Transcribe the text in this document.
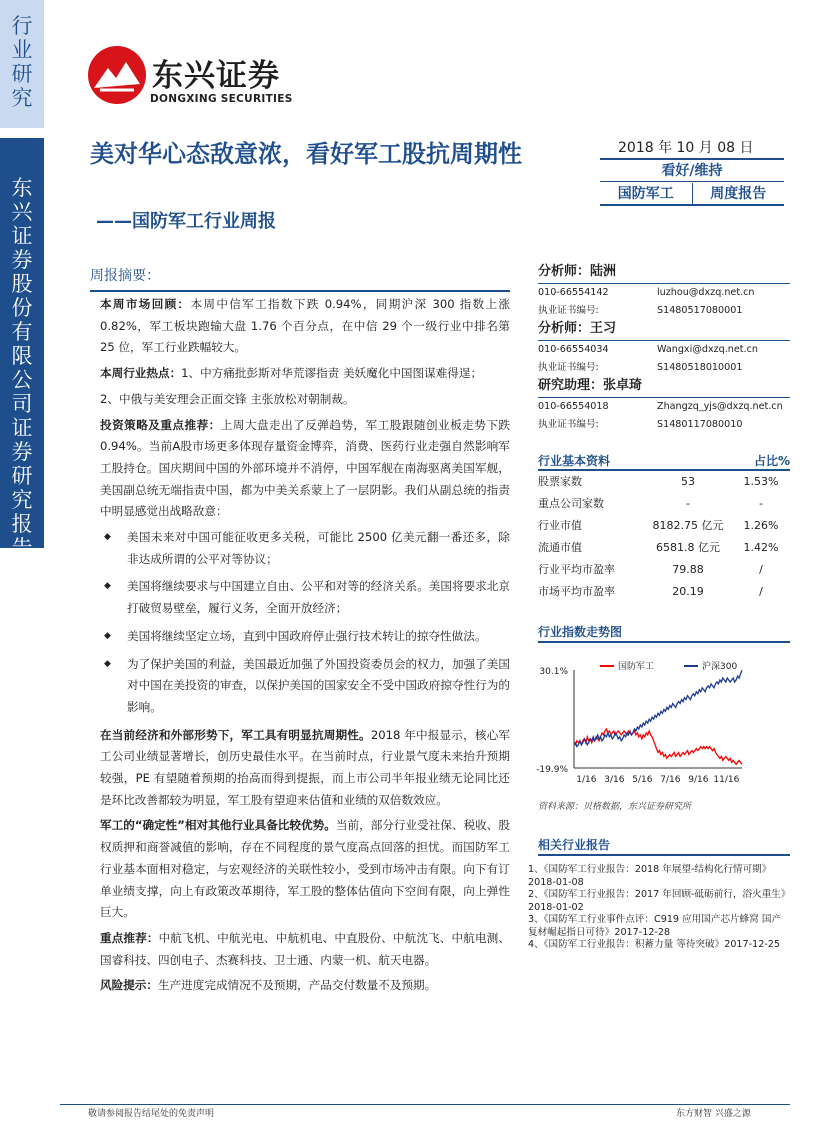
行业研究
东兴证券股份有限公司证券研究报告
东兴证券
DONGXING SECURITIES
美对华心态敌意浓，看好军工股抗周期性
——国防军工行业周报
2018 年 10 月 08 日
看好/维持
国防军工	周度报告
周报摘要：

本周市场回顾：本周中信军工指数下跌 0.94%，同期沪深 300 指数上涨 0.82%，军工板块跑输大盘 1.76 个百分点，在中信 29 个一级行业中排名第 25 位，军工行业跌幅较大。

本周行业热点：1、中方痛批彭斯对华荒谬指责 美妖魔化中国图谋难得逞；

2、中俄与美安理会正面交锋 主张放松对朝制裁。

投资策略及重点推荐：上周大盘走出了反弹趋势，军工股跟随创业板走势下跌 0.94%。当前A股市场更多体现存量资金博弈，消费、医药行业走强自然影响军工股持仓。国庆期间中国的外部环境并不消停，中国军舰在南海驱离美国军舰，美国副总统无端指责中国，都为中美关系蒙上了一层阴影。我们从副总统的指责中明显感觉出战略敌意：

◆ 美国未来对中国可能征收更多关税，可能比 2500 亿美元翻一番还多，除非达成所谓的公平对等协议；
◆ 美国将继续要求与中国建立自由、公平和对等的经济关系。美国将要求北京打破贸易壁垒，履行义务，全面开放经济；
◆ 美国将继续坚定立场，直到中国政府停止强行技术转让的掠夺性做法。
◆ 为了保护美国的利益，美国最近加强了外国投资委员会的权力，加强了美国对中国在美投资的审查，以保护美国的国家安全不受中国政府掠夺性行为的影响。

在当前经济和外部形势下，军工具有明显抗周期性。2018 年中报显示，核心军工公司业绩显著增长，创历史最佳水平。在当前时点，行业景气度未来抬升预期较强，PE 有望随着预期的抬高而得到提振，而上市公司半年报业绩无论同比还是环比改善都较为明显，军工股有望迎来估值和业绩的双倍数效应。

军工的“确定性”相对其他行业具备比较优势。当前，部分行业受社保、税收、股权质押和商誉减值的影响，存在不同程度的景气度高点回落的担忧。而国防军工行业基本面相对稳定，与宏观经济的关联性较小，受到市场冲击有限。向下有订单业绩支撑，向上有政策改革期待，军工股的整体估值向下空间有限，向上弹性巨大。

重点推荐：中航飞机、中航光电、中航机电、中直股份、中航沈飞、中航电测、国睿科技、四创电子、杰赛科技、卫士通、内蒙一机、航天电器。

风险提示：生产进度完成情况不及预期，产品交付数量不及预期。

分析师：陆洲
010-66554142	luzhou@dxzq.net.cn
执业证书编号:	S1480517080001
分析师：王习
010-66554034	Wangxi@dxzq.net.cn
执业证书编号:	S1480518010001
研究助理：张卓琦
010-66554018	Zhangzq_yjs@dxzq.net.cn
执业证书编号:	S1480117080010
行业基本资料	占比%
股票家数	53	1.53%
重点公司家数	-	-
行业市值	8182.75 亿元	1.26%
流通市值	6581.8 亿元	1.42%
行业平均市盈率	79.88	/
市场平均市盈率	20.19	/
行业指数走势图
30.1%
-19.9%
1/16 3/16 5/16 7/16 9/16 11/16
国防军工	沪深300
资料来源：贝格数据，东兴证券研究所
相关行业报告
1、《国防军工行业报告：2018 年展望-结构化行情可期》2018-01-08
2、《国防军工行业报告：2017 年回顾-砥砺前行，浴火重生》2018-01-02
3、《国防军工行业事件点评：C919 应用国产芯片蜂窝 国产复材崛起指日可待》2017-12-28
4、《国防军工行业报告：积蓄力量 等待突破》2017-12-25
敬请参阅报告结尾处的免责声明	东方财智 兴盛之源
